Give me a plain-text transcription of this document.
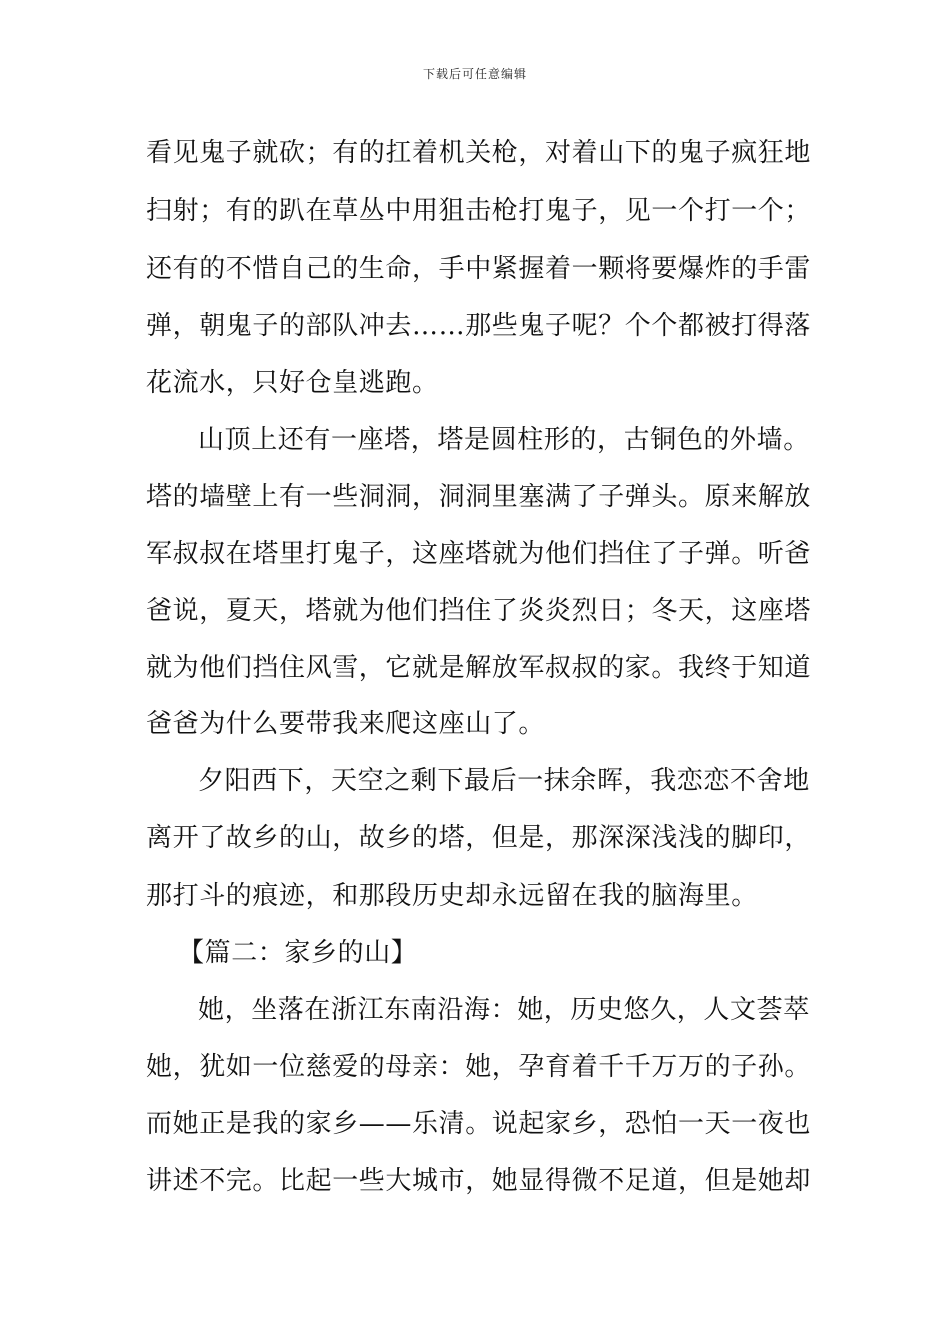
下载后可任意编辑
看见鬼子就砍；有的扛着机关枪，对着山下的鬼子疯狂地
扫射；有的趴在草丛中用狙击枪打鬼子，见一个打一个；
还有的不惜自己的生命，手中紧握着一颗将要爆炸的手雷
弹，朝鬼子的部队冲去……那些鬼子呢？个个都被打得落
花流水，只好仓皇逃跑。
山顶上还有一座塔，塔是圆柱形的，古铜色的外墙。
塔的墙壁上有一些洞洞，洞洞里塞满了子弹头。原来解放
军叔叔在塔里打鬼子，这座塔就为他们挡住了子弹。听爸
爸说，夏天，塔就为他们挡住了炎炎烈日；冬天，这座塔
就为他们挡住风雪，它就是解放军叔叔的家。我终于知道
爸爸为什么要带我来爬这座山了。
夕阳西下，天空之剩下最后一抹余晖，我恋恋不舍地
离开了故乡的山，故乡的塔，但是，那深深浅浅的脚印，
那打斗的痕迹，和那段历史却永远留在我的脑海里。
【篇二：家乡的山】
她，坐落在浙江东南沿海：她，历史悠久，人文荟萃
她，犹如一位慈爱的母亲：她，孕育着千千万万的子孙。
而她正是我的家乡——乐清。说起家乡，恐怕一天一夜也
讲述不完。比起一些大城市，她显得微不足道，但是她却
